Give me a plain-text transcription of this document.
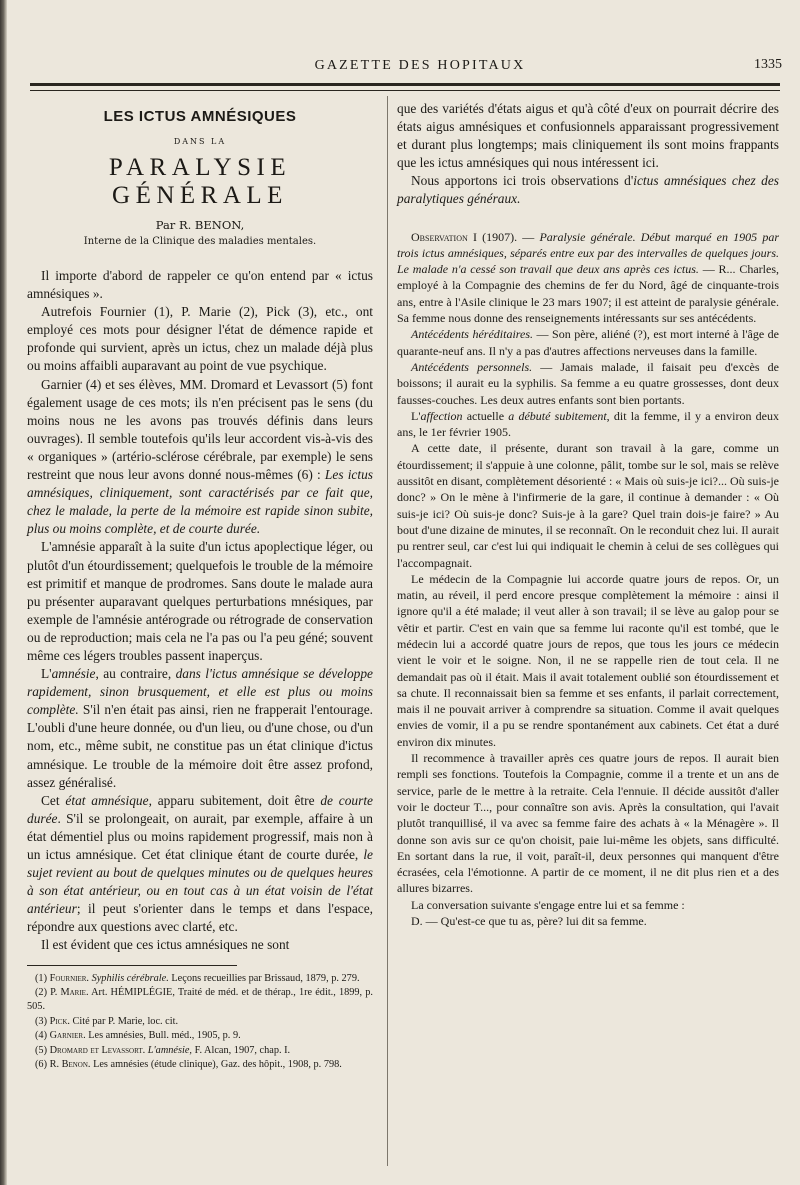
GAZETTE DES HOPITAUX	1335
LES ICTUS AMNÉSIQUES

DANS LA

PARALYSIE GÉNÉRALE

Par R. BENON,

Interne de la Clinique des maladies mentales.

Il importe d'abord de rappeler ce qu'on entend par « ictus amnésiques ».

Autrefois Fournier (1), P. Marie (2), Pick (3), etc., ont employé ces mots pour désigner l'état de démence rapide et profonde qui survient, après un ictus, chez un malade déjà plus ou moins affaibli auparavant au point de vue psychique.

Garnier (4) et ses élèves, MM. Dromard et Levassort (5) font également usage de ces mots; ils n'en précisent pas le sens (du moins nous ne les avons pas trouvés définis dans leurs ouvrages). Il semble toutefois qu'ils leur accordent vis-à-vis des « organiques » (artério-sclérose cérébrale, par exemple) le sens restreint que nous leur avons donné nous-mêmes (6) : Les ictus amnésiques, cliniquement, sont caractérisés par ce fait que, chez le malade, la perte de la mémoire est rapide sinon subite, plus ou moins complète, et de courte durée.

L'amnésie apparaît à la suite d'un ictus apoplectique léger, ou plutôt d'un étourdissement; quelquefois le trouble de la mémoire est primitif et manque de prodromes. Sans doute le malade aura pu présenter auparavant quelques perturbations mnésiques, par exemple de l'amnésie antérograde ou rétrograde de conservation ou de reproduction; mais cela ne l'a pas ou l'a peu géné; souvent même ces légers troubles passent inaperçus.

L'amnésie, au contraire, dans l'ictus amnésique se développe rapidement, sinon brusquement, et elle est plus ou moins complète. S'il n'en était pas ainsi, rien ne frapperait l'entourage. L'oubli d'une heure donnée, ou d'un lieu, ou d'une chose, ou d'un nom, etc., même subit, ne constitue pas un état clinique d'ictus amnésique. Le trouble de la mémoire doit être assez profond, assez généralisé.

Cet état amnésique, apparu subitement, doit être de courte durée. S'il se prolongeait, on aurait, par exemple, affaire à un état démentiel plus ou moins rapidement progressif, mais non à un ictus amnésique. Cet état clinique étant de courte durée, le sujet revient au bout de quelques minutes ou de quelques heures à son état antérieur, ou en tout cas à un état voisin de l'état antérieur; il peut s'orienter dans le temps et dans l'espace, répondre aux questions avec clarté, etc.

Il est évident que ces ictus amnésiques ne sont

(1) Fournier. Syphilis cérébrale. Leçons recueillies par Brissaud, 1879, p. 279.

(2) P. Marie. Art. HÉMIPLÉGIE, Traité de méd. et de thérap., 1re édit., 1899, p. 505.

(3) Pick. Cité par P. Marie, loc. cit.

(4) Garnier. Les amnésies, Bull. méd., 1905, p. 9.

(5) Dromard et Levassort. L'amnésie, F. Alcan, 1907, chap. I.

(6) R. Benon. Les amnésies (étude clinique), Gaz. des hôpit., 1908, p. 798.

que des variétés d'états aigus et qu'à côté d'eux on pourrait décrire des états aigus amnésiques et confusionnels apparaissant progressivement et durant plus longtemps; mais cliniquement ils sont moins frappants que les ictus amnésiques qui nous intéressent ici.

Nous apportons ici trois observations d'ictus amnésiques chez des paralytiques généraux.

Observation I (1907). — Paralysie générale. Début marqué en 1905 par trois ictus amnésiques, séparés entre eux par des intervalles de quelques jours. Le malade n'a cessé son travail que deux ans après ces ictus. — R... Charles, employé à la Compagnie des chemins de fer du Nord, âgé de cinquante-trois ans, entre à l'Asile clinique le 23 mars 1907; il est atteint de paralysie générale. Sa femme nous donne des renseignements intéressants sur ses antécédents.

Antécédents héréditaires. — Son père, aliéné (?), est mort interné à l'âge de quarante-neuf ans. Il n'y a pas d'autres affections nerveuses dans la famille.

Antécédents personnels. — Jamais malade, il faisait peu d'excès de boissons; il aurait eu la syphilis. Sa femme a eu quatre grossesses, dont deux fausses-couches. Les deux autres enfants sont bien portants.

L'affection actuelle a débuté subitement, dit la femme, il y a environ deux ans, le 1er février 1905.

A cette date, il présente, durant son travail à la gare, comme un étourdissement; il s'appuie à une colonne, pâlit, tombe sur le sol, mais se relève aussitôt en disant, complètement désorienté : « Mais où suis-je ici?... Où suis-je donc? » On le mène à l'infirmerie de la gare, il continue à demander : « Où suis-je ici? Où suis-je donc? Suis-je à la gare? Quel train dois-je faire? » Au bout d'une dizaine de minutes, il se reconnaît. On le reconduit chez lui. Il aurait pu rentrer seul, car c'est lui qui indiquait le chemin à celui de ses collègues qui l'accompagnait.

Le médecin de la Compagnie lui accorde quatre jours de repos. Or, un matin, au réveil, il perd encore presque complètement la mémoire : ainsi il ignore qu'il a été malade; il veut aller à son travail; il se lève au galop pour se vêtir et partir. C'est en vain que sa femme lui raconte qu'il est tombé, que le médecin lui a accordé quatre jours de repos, que tous les jours ce médecin vient le voir et le soigne. Non, il ne se rappelle rien de tout cela. Il ne demandait pas où il était. Mais il avait totalement oublié son étourdissement et sa chute. Il reconnaissait bien sa femme et ses enfants, il parlait correctement, mais il ne pouvait arriver à comprendre sa situation. Comme il avait quelques envies de vomir, il a pu se rendre spontanément aux cabinets. Cet état a duré environ dix minutes.

Il recommence à travailler après ces quatre jours de repos. Il aurait bien rempli ses fonctions. Toutefois la Compagnie, comme il a trente et un ans de service, parle de le mettre à la retraite. Cela l'ennuie. Il décide aussitôt d'aller voir le docteur T..., pour connaître son avis. Après la consultation, qui l'avait plutôt tranquillisé, il va avec sa femme faire des achats à « la Ménagère ». Il donne son avis sur ce qu'on choisit, paie lui-même les objets, sans difficulté. En sortant dans la rue, il voit, paraît-il, deux personnes qui manquent d'être écrasées, cela l'émotionne. A partir de ce moment, il ne dit plus rien et a des allures bizarres.

La conversation suivante s'engage entre lui et sa femme :

D. — Qu'est-ce que tu as, père? lui dit sa femme.
